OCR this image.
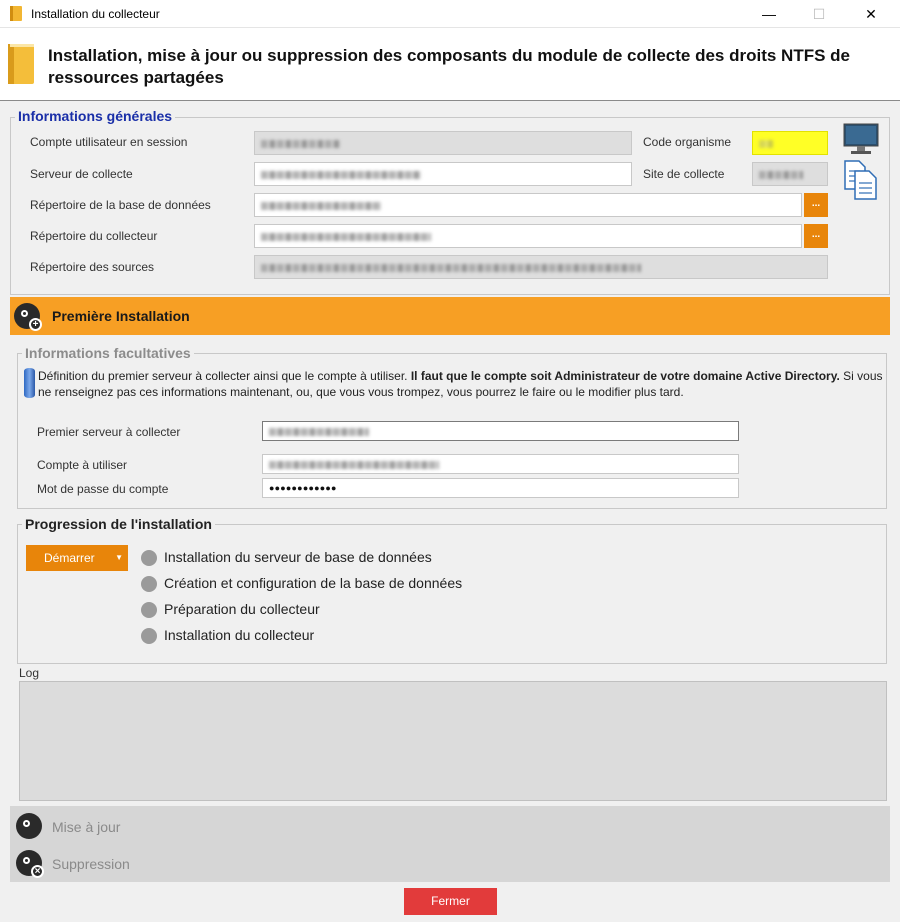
Installation du collecteur	—	☐	✕
Installation, mise à jour ou suppression des composants du module de collecte des droits NTFS de ressources partagées
Informations générales
Compte utilisateur en session
Serveur de collecte
Répertoire de la base de données	...
Répertoire du collecteur	...
Répertoire des sources
Code organisme
Site de collecte
+
Première Installation
Informations facultatives
Définition du premier serveur à collecter ainsi que le compte à utiliser. Il faut que le compte soit Administrateur de votre domaine Active Directory. Si vous ne renseignez pas ces informations maintenant, ou, que vous vous trompez, vous pourrez le faire ou le modifier plus tard.
Premier serveur à collecter
Compte à utiliser
Mot de passe du compte	●●●●●●●●●●●●
Progression de l'installation
Démarrer	▼	Installation du serveur de base de données
Création et configuration de la base de données
Préparation du collecteur
Installation du collecteur
Log
Mise à jour
× Suppression
Fermer
